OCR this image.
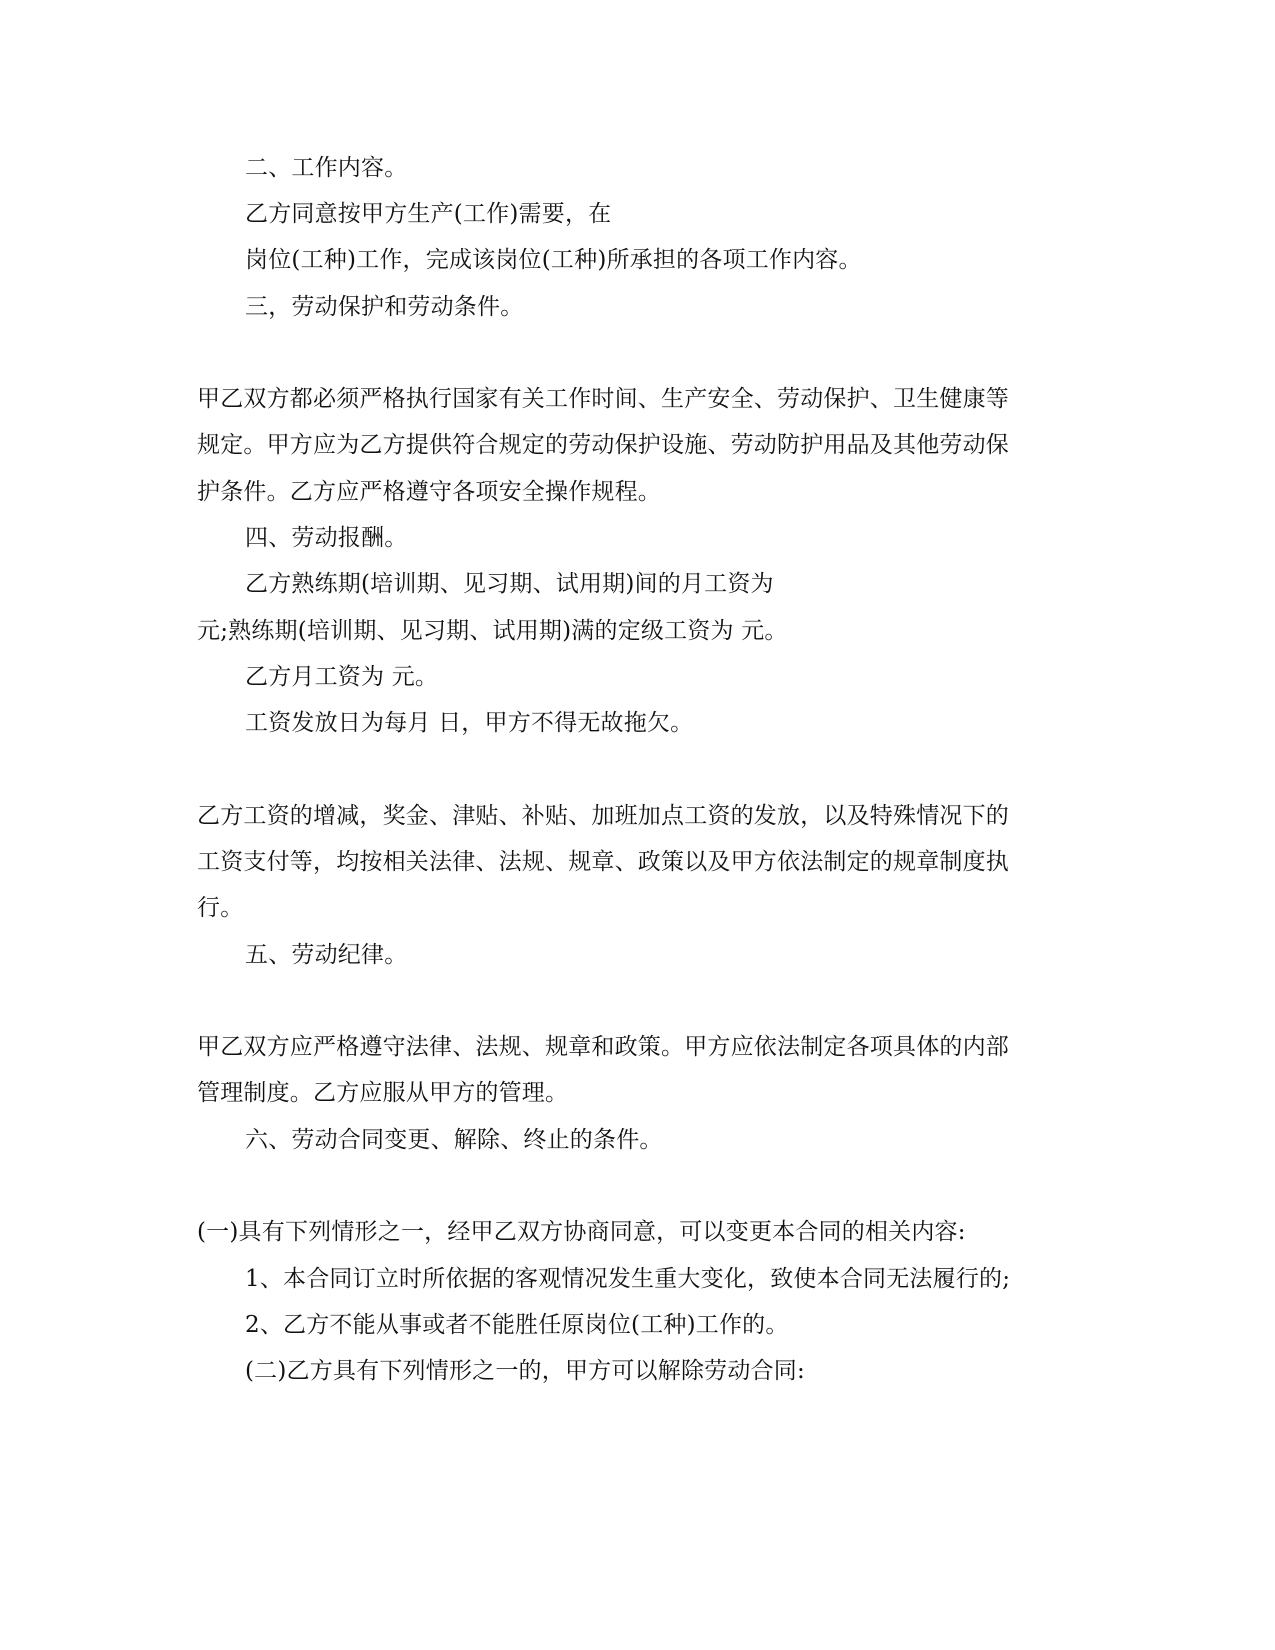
二、工作内容。
乙方同意按甲方生产(工作)需要，在
岗位(工种)工作，完成该岗位(工种)所承担的各项工作内容。
三，劳动保护和劳动条件。
甲乙双方都必须严格执行国家有关工作时间、生产安全、劳动保护、卫生健康等
规定。甲方应为乙方提供符合规定的劳动保护设施、劳动防护用品及其他劳动保
护条件。乙方应严格遵守各项安全操作规程。
四、劳动报酬。
乙方熟练期(培训期、见习期、试用期)间的月工资为
元;熟练期(培训期、见习期、试用期)满的定级工资为 元。
乙方月工资为 元。
工资发放日为每月 日，甲方不得无故拖欠。
乙方工资的增减，奖金、津贴、补贴、加班加点工资的发放，以及特殊情况下的
工资支付等，均按相关法律、法规、规章、政策以及甲方依法制定的规章制度执
行。
五、劳动纪律。
甲乙双方应严格遵守法律、法规、规章和政策。甲方应依法制定各项具体的内部
管理制度。乙方应服从甲方的管理。
六、劳动合同变更、解除、终止的条件。
(一)具有下列情形之一，经甲乙双方协商同意，可以变更本合同的相关内容:
1、本合同订立时所依据的客观情况发生重大变化，致使本合同无法履行的;
2、乙方不能从事或者不能胜任原岗位(工种)工作的。
(二)乙方具有下列情形之一的，甲方可以解除劳动合同:
